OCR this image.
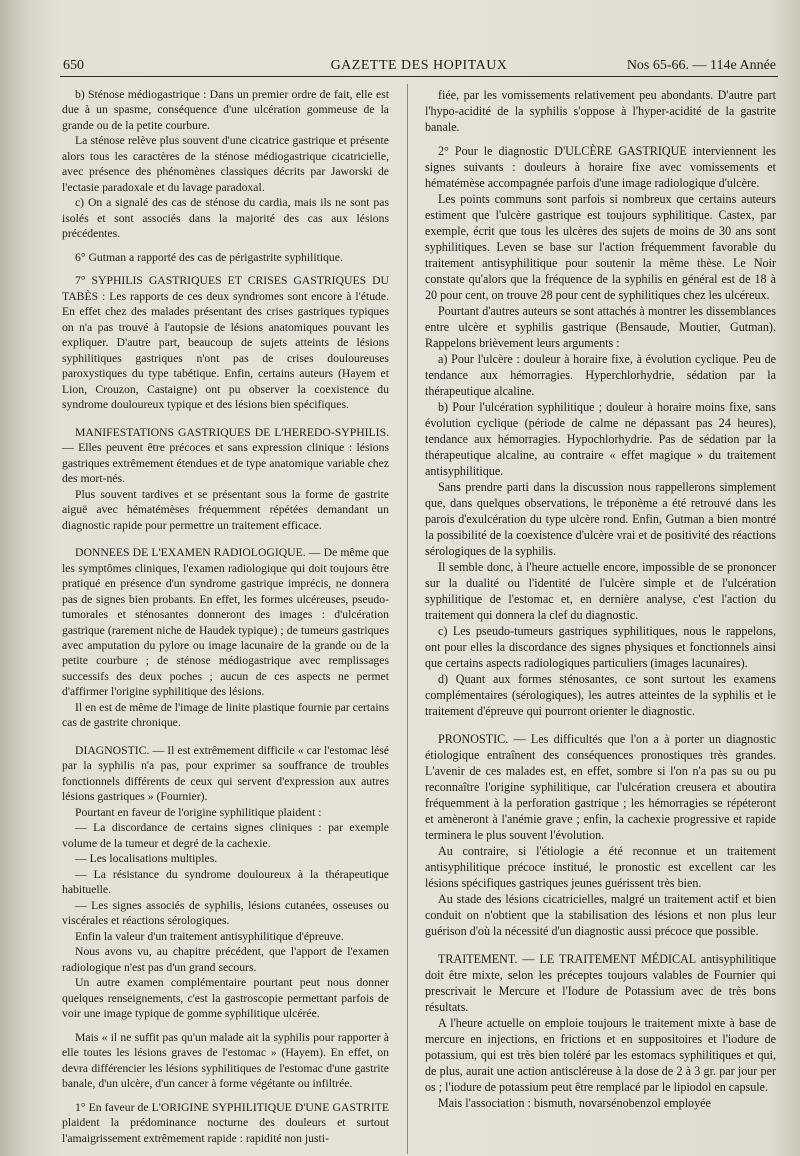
650	GAZETTE DES HOPITAUX	Nos 65-66. — 114e Année

b) Sténose médiogastrique : Dans un premier ordre de fait, elle est due à un spasme, conséquence d'une ulcération gommeuse de la grande ou de la petite courbure.

La sténose relève plus souvent d'une cicatrice gastrique et présente alors tous les caractères de la sténose médiogastrique cicatricielle, avec présence des phénomènes classiques décrits par Jaworski de l'ectasie paradoxale et du lavage paradoxal.

c) On a signalé des cas de sténose du cardia, mais ils ne sont pas isolés et sont associés dans la majorité des cas aux lésions précédentes.

6° Gutman a rapporté des cas de périgastrite syphilitique.

7° SYPHILIS GASTRIQUES ET CRISES GASTRIQUES DU TABÈS : Les rapports de ces deux syndromes sont encore à l'étude. En effet chez des malades présentant des crises gastriques typiques on n'a pas trouvé à l'autopsie de lésions anatomiques pouvant les expliquer. D'autre part, beaucoup de sujets atteints de lésions syphilitiques gastriques n'ont pas de crises douloureuses paroxystiques du type tabétique. Enfin, certains auteurs (Hayem et Lion, Crouzon, Castaigne) ont pu observer la coexistence du syndrome douloureux typique et des lésions bien spécifiques.

MANIFESTATIONS GASTRIQUES DE L'HEREDO-SYPHILIS. — Elles peuvent être précoces et sans expression clinique : lésions gastriques extrêmement étendues et de type anatomique variable chez des mort-nés.

Plus souvent tardives et se présentant sous la forme de gastrite aiguë avec hématémèses fréquemment répétées demandant un diagnostic rapide pour permettre un traitement efficace.

DONNEES DE L'EXAMEN RADIOLOGIQUE. — De même que les symptômes cliniques, l'examen radiologique qui doit toujours être pratiqué en présence d'un syndrome gastrique imprécis, ne donnera pas de signes bien probants. En effet, les formes ulcéreuses, pseudo-tumorales et sténosantes donneront des images : d'ulcération gastrique (rarement niche de Haudek typique) ; de tumeurs gastriques avec amputation du pylore ou image lacunaire de la grande ou de la petite courbure ; de sténose médiogastrique avec remplissages successifs des deux poches ; aucun de ces aspects ne permet d'affirmer l'origine syphilitique des lésions.

Il en est de même de l'image de linite plastique fournie par certains cas de gastrite chronique.

DIAGNOSTIC. — Il est extrêmement difficile « car l'estomac lésé par la syphilis n'a pas, pour exprimer sa souffrance de troubles fonctionnels différents de ceux qui servent d'expression aux autres lésions gastriques » (Fournier).

Pourtant en faveur de l'origine syphilitique plaident :

— La discordance de certains signes cliniques : par exemple volume de la tumeur et degré de la cachexie.

— Les localisations multiples.

— La résistance du syndrome douloureux à la thérapeutique habituelle.

— Les signes associés de syphilis, lésions cutanées, osseuses ou viscérales et réactions sérologiques.

Enfin la valeur d'un traitement antisyphilitique d'épreuve.

Nous avons vu, au chapitre précédent, que l'apport de l'examen radiologique n'est pas d'un grand secours.

Un autre examen complémentaire pourtant peut nous donner quelques renseignements, c'est la gastroscopie permettant parfois de voir une image typique de gomme syphilitique ulcérée.

Mais « il ne suffit pas qu'un malade ait la syphilis pour rapporter à elle toutes les lésions graves de l'estomac » (Hayem). En effet, on devra différencier les lésions syphilitiques de l'estomac d'une gastrite banale, d'un ulcère, d'un cancer à forme végétante ou infiltrée.

1° En faveur de L'ORIGINE SYPHILITIQUE D'UNE GASTRITE plaident la prédominance nocturne des douleurs et surtout l'amaigrissement extrêmement rapide : rapidité non justi-

fiée, par les vomissements relativement peu abondants. D'autre part l'hypo-acidité de la syphilis s'oppose à l'hyper-acidité de la gastrite banale.

2° Pour le diagnostic D'ULCÈRE GASTRIQUE interviennent les signes suivants : douleurs à horaire fixe avec vomissements et hématémèse accompagnée parfois d'une image radiologique d'ulcère.

Les points communs sont parfois si nombreux que certains auteurs estiment que l'ulcère gastrique est toujours syphilitique. Castex, par exemple, écrit que tous les ulcères des sujets de moins de 30 ans sont syphilitiques. Leven se base sur l'action fréquemment favorable du traitement antisyphilitique pour soutenir la même thèse. Le Noir constate qu'alors que la fréquence de la syphilis en général est de 18 à 20 pour cent, on trouve 28 pour cent de syphilitiques chez les ulcéreux.

Pourtant d'autres auteurs se sont attachés à montrer les dissemblances entre ulcère et syphilis gastrique (Bensaude, Moutier, Gutman). Rappelons brièvement leurs arguments :

a) Pour l'ulcère : douleur à horaire fixe, à évolution cyclique. Peu de tendance aux hémorragies. Hyperchlorhydrie, sédation par la thérapeutique alcaline.

b) Pour l'ulcération syphilitique ; douleur à horaire moins fixe, sans évolution cyclique (période de calme ne dépassant pas 24 heures), tendance aux hémorragies. Hypochlorhydrie. Pas de sédation par la thérapeutique alcaline, au contraire « effet magique » du traitement antisyphilitique.

Sans prendre parti dans la discussion nous rappellerons simplement que, dans quelques observations, le tréponème a été retrouvé dans les parois d'exulcération du type ulcère rond. Enfin, Gutman a bien montré la possibilité de la coexistence d'ulcère vrai et de positivité des réactions sérologiques de la syphilis.

Il semble donc, à l'heure actuelle encore, impossible de se prononcer sur la dualité ou l'identité de l'ulcère simple et de l'ulcération syphilitique de l'estomac et, en dernière analyse, c'est l'action du traitement qui donnera la clef du diagnostic.

c) Les pseudo-tumeurs gastriques syphilitiques, nous le rappelons, ont pour elles la discordance des signes physiques et fonctionnels ainsi que certains aspects radiologiques particuliers (images lacunaires).

d) Quant aux formes sténosantes, ce sont surtout les examens complémentaires (sérologiques), les autres atteintes de la syphilis et le traitement d'épreuve qui pourront orienter le diagnostic.

PRONOSTIC. — Les difficultés que l'on a à porter un diagnostic étiologique entraînent des conséquences pronostiques très grandes. L'avenir de ces malades est, en effet, sombre si l'on n'a pas su ou pu reconnaître l'origine syphilitique, car l'ulcération creusera et aboutira fréquemment à la perforation gastrique ; les hémorragies se répéteront et amèneront à l'anémie grave ; enfin, la cachexie progressive et rapide terminera le plus souvent l'évolution.

Au contraire, si l'étiologie a été reconnue et un traitement antisyphilitique précoce institué, le pronostic est excellent car les lésions spécifiques gastriques jeunes guérissent très bien.

Au stade des lésions cicatricielles, malgré un traitement actif et bien conduit on n'obtient que la stabilisation des lésions et non plus leur guérison d'où la nécessité d'un diagnostic aussi précoce que possible.

TRAITEMENT. — LE TRAITEMENT MÉDICAL antisyphilitique doit être mixte, selon les préceptes toujours valables de Fournier qui prescrivait le Mercure et l'Iodure de Potassium avec de très bons résultats.

A l'heure actuelle on emploie toujours le traitement mixte à base de mercure en injections, en frictions et en suppositoires et l'iodure de potassium, qui est très bien toléré par les estomacs syphilitiques et qui, de plus, aurait une action antiscléreuse à la dose de 2 à 3 gr. par jour per os ; l'iodure de potassium peut être remplacé par le lipiodol en capsule.

Mais l'association : bismuth, novarsénobenzol employée
